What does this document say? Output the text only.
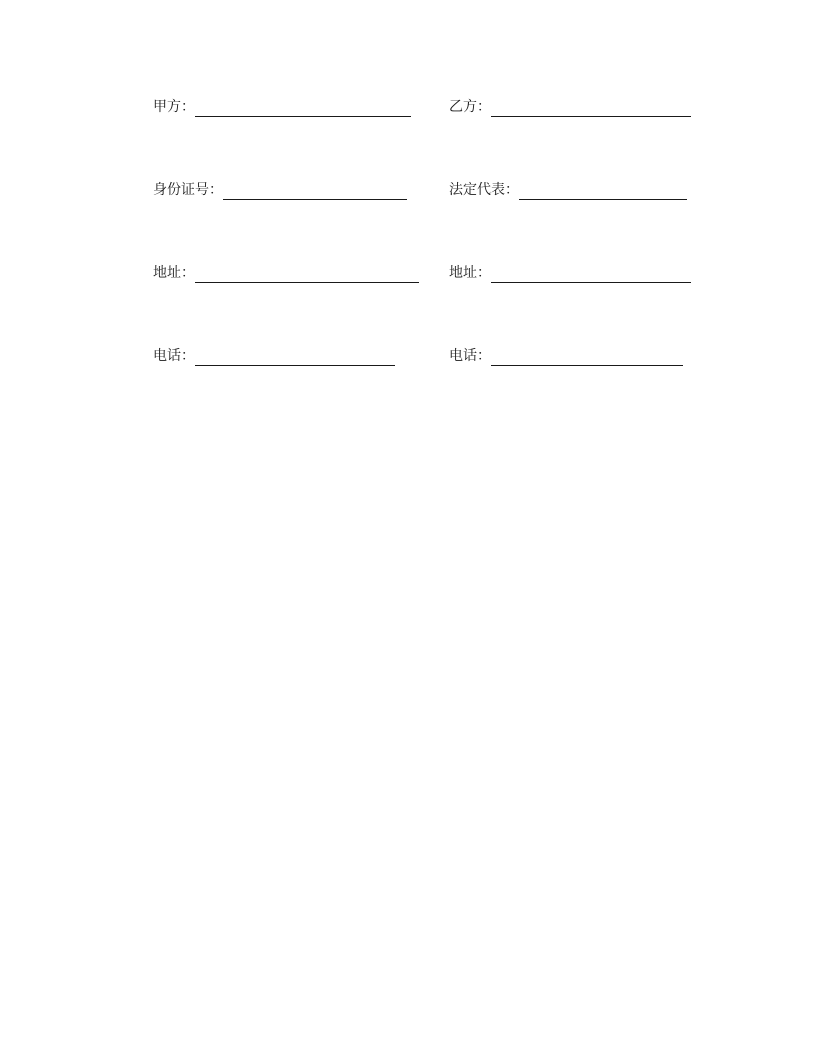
甲方：	乙方：
身份证号：	法定代表：
地址：	地址：
电话：	电话：
